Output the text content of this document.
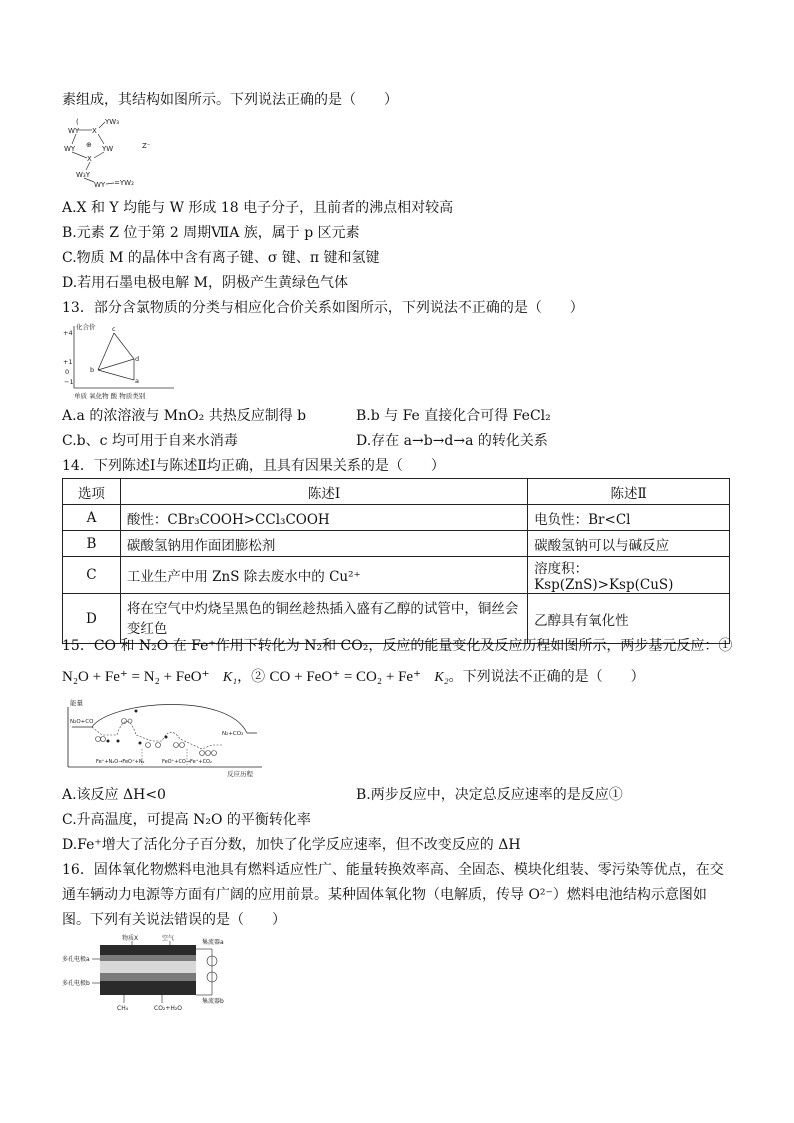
素组成，其结构如图所示。下列说法正确的是（　　）
(	YW₃
WY X
⊕
WY	YW
X
W₃Y
WY =YW₂
Z⁻
A.X 和 Y 均能与 W 形成 18 电子分子，且前者的沸点相对较高
B.元素 Z 位于第 2 周期ⅦA 族，属于 p 区元素
C.物质 M 的晶体中含有离子键、σ 键、π 键和氢键
D.若用石墨电极电解 M，阴极产生黄绿色气体
13．部分含氯物质的分类与相应化合价关系如图所示，下列说法不正确的是（　　）
化合价
+4
+1
0
−1
单质 氧化物 酸 物质类别
c
b
d
a
A.a 的浓溶液与 MnO₂ 共热反应制得 b	B.b 与 Fe 直接化合可得 FeCl₂
C.b、c 均可用于自来水消毒	D.存在 a→b→d→a 的转化关系
14．下列陈述Ⅰ与陈述Ⅱ均正确，且具有因果关系的是（　　）
选项	陈述Ⅰ	陈述Ⅱ
A	酸性：CBr₃COOH>CCl₃COOH	电负性：Br<Cl
B	碳酸氢钠用作面团膨松剂	碳酸氢钠可以与碱反应
C	工业生产中用 ZnS 除去废水中的 Cu²⁺	溶度积：Ksp(ZnS)>Ksp(CuS)
D	将在空气中灼烧呈黑色的铜丝趁热插入盛有乙醇的试管中，铜丝会变红色	乙醇具有氧化性
15．CO 和 N₂O 在 Fe⁺作用下转化为 N₂和 CO₂，反应的能量变化及反应历程如图所示，两步基元反应：①
N₂O + Fe⁺ = N₂ + FeO⁺ K₁，② CO + FeO⁺ = CO₂ + Fe⁺ K₂。下列说法不正确的是（　　）
能量
反应历程
N₂O+CO
N₂+CO₂
Fe⁺+N₂O→FeO⁺+N₂	FeO⁺+CO→Fe⁺+CO₂
A.该反应 ΔH<0	B.两步反应中，决定总反应速率的是反应①
C.升高温度，可提高 N₂O 的平衡转化率
D.Fe⁺增大了活化分子百分数，加快了化学反应速率，但不改变反应的 ΔH
16．固体氧化物燃料电池具有燃料适应性广、能量转换效率高、全固态、模块化组装、零污染等优点，在交
通车辆动力电源等方面有广阔的应用前景。某种固体氧化物（电解质，传导 O²⁻）燃料电池结构示意图如
图。下列有关说法错误的是（　　）
物质X	空气
集流器a
多孔电极a
多孔电极b
CH₄	CO₂+H₂O
集流器b
